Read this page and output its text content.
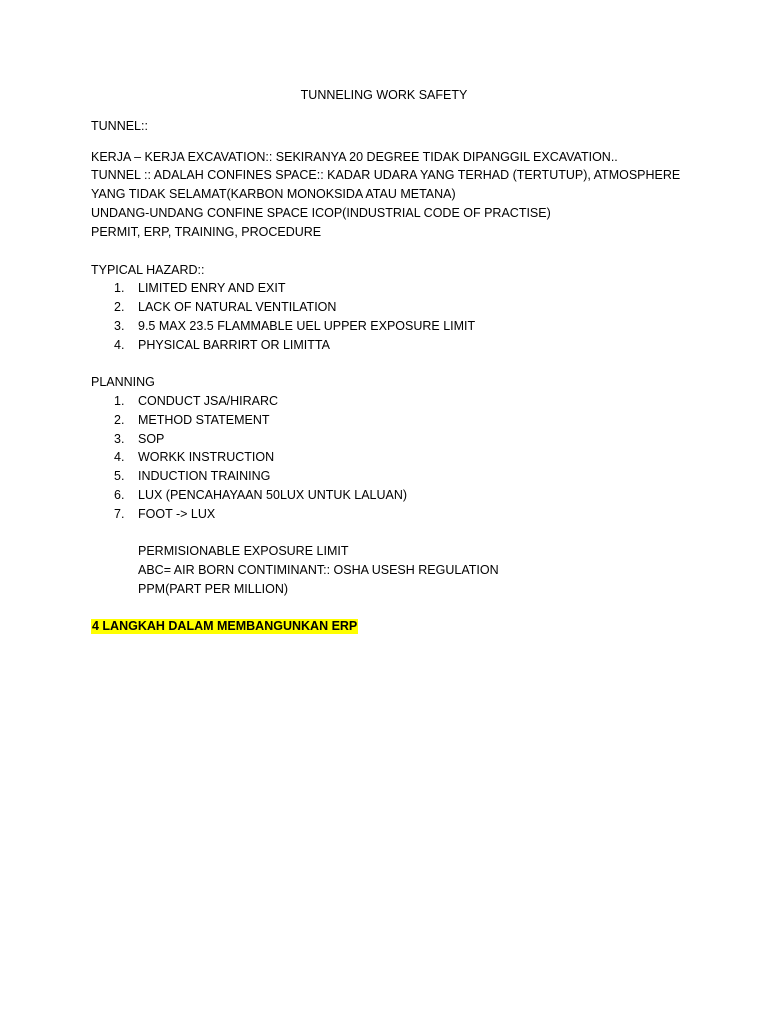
TUNNELING WORK SAFETY
TUNNEL::
KERJA – KERJA EXCAVATION:: SEKIRANYA 20 DEGREE TIDAK DIPANGGIL EXCAVATION..
TUNNEL :: ADALAH CONFINES SPACE:: KADAR UDARA YANG TERHAD (TERTUTUP), ATMOSPHERE
YANG TIDAK SELAMAT(KARBON MONOKSIDA ATAU METANA)
UNDANG-UNDANG CONFINE SPACE ICOP(INDUSTRIAL CODE OF PRACTISE)
PERMIT, ERP, TRAINING, PROCEDURE
TYPICAL HAZARD::
1. LIMITED ENRY AND EXIT
2. LACK OF NATURAL VENTILATION
3. 9.5 MAX 23.5 FLAMMABLE UEL UPPER EXPOSURE LIMIT
4. PHYSICAL BARRIRT OR LIMITTA
PLANNING
1. CONDUCT JSA/HIRARC
2. METHOD STATEMENT
3. SOP
4. WORKK INSTRUCTION
5. INDUCTION TRAINING
6. LUX (PENCAHAYAAN 50LUX UNTUK LALUAN)
7. FOOT -> LUX
PERMISIONABLE EXPOSURE LIMIT
ABC= AIR BORN CONTIMINANT:: OSHA USESH REGULATION
PPM(PART PER MILLION)
4 LANGKAH DALAM MEMBANGUNKAN ERP
